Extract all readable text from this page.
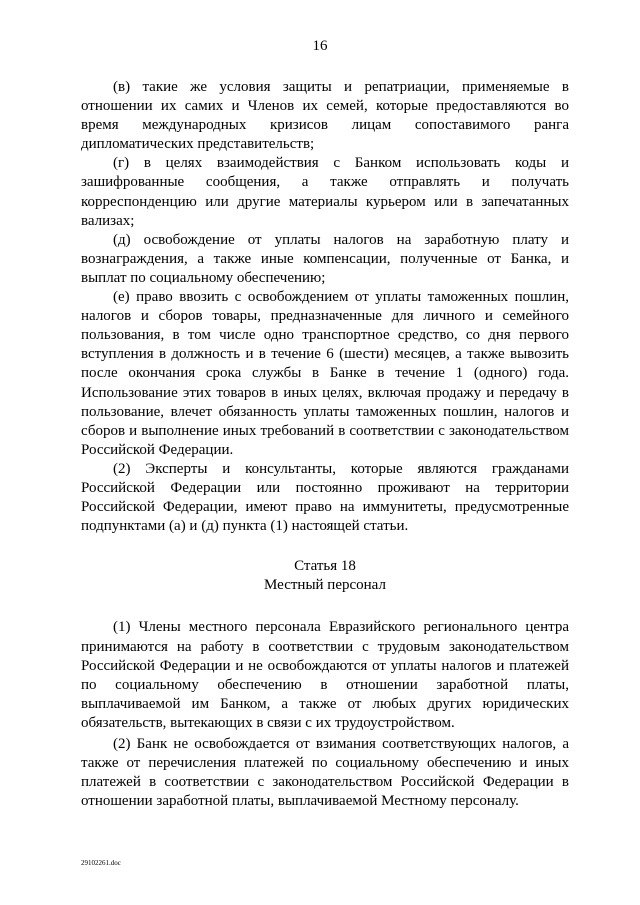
16

(в) такие же условия защиты и репатриации, применяемые в отношении их самих и Членов их семей, которые предоставляются во время международных кризисов лицам сопоставимого ранга дипломатических представительств;

(г) в целях взаимодействия с Банком использовать коды и зашифрованные сообщения, а также отправлять и получать корреспонденцию или другие материалы курьером или в запечатанных вализах;

(д) освобождение от уплаты налогов на заработную плату и вознаграждения, а также иные компенсации, полученные от Банка, и выплат по социальному обеспечению;

(е) право ввозить с освобождением от уплаты таможенных пошлин, налогов и сборов товары, предназначенные для личного и семейного пользования, в том числе одно транспортное средство, со дня первого вступления в должность и в течение 6 (шести) месяцев, а также вывозить после окончания срока службы в Банке в течение 1 (одного) года. Использование этих товаров в иных целях, включая продажу и передачу в пользование, влечет обязанность уплаты таможенных пошлин, налогов и сборов и выполнение иных требований в соответствии с законодательством Российской Федерации.

(2) Эксперты и консультанты, которые являются гражданами Российской Федерации или постоянно проживают на территории Российской Федерации, имеют право на иммунитеты, предусмотренные подпунктами (а) и (д) пункта (1) настоящей статьи.

Статья 18

Местный персонал

(1) Члены местного персонала Евразийского регионального центра принимаются на работу в соответствии с трудовым законодательством Российской Федерации и не освобождаются от уплаты налогов и платежей по социальному обеспечению в отношении заработной платы, выплачиваемой им Банком, а также от любых других юридических обязательств, вытекающих в связи с их трудоустройством.

(2) Банк не освобождается от взимания соответствующих налогов, а также от перечисления платежей по социальному обеспечению и иных платежей в соответствии с законодательством Российской Федерации в отношении заработной платы, выплачиваемой Местному персоналу.

29102261.doc
